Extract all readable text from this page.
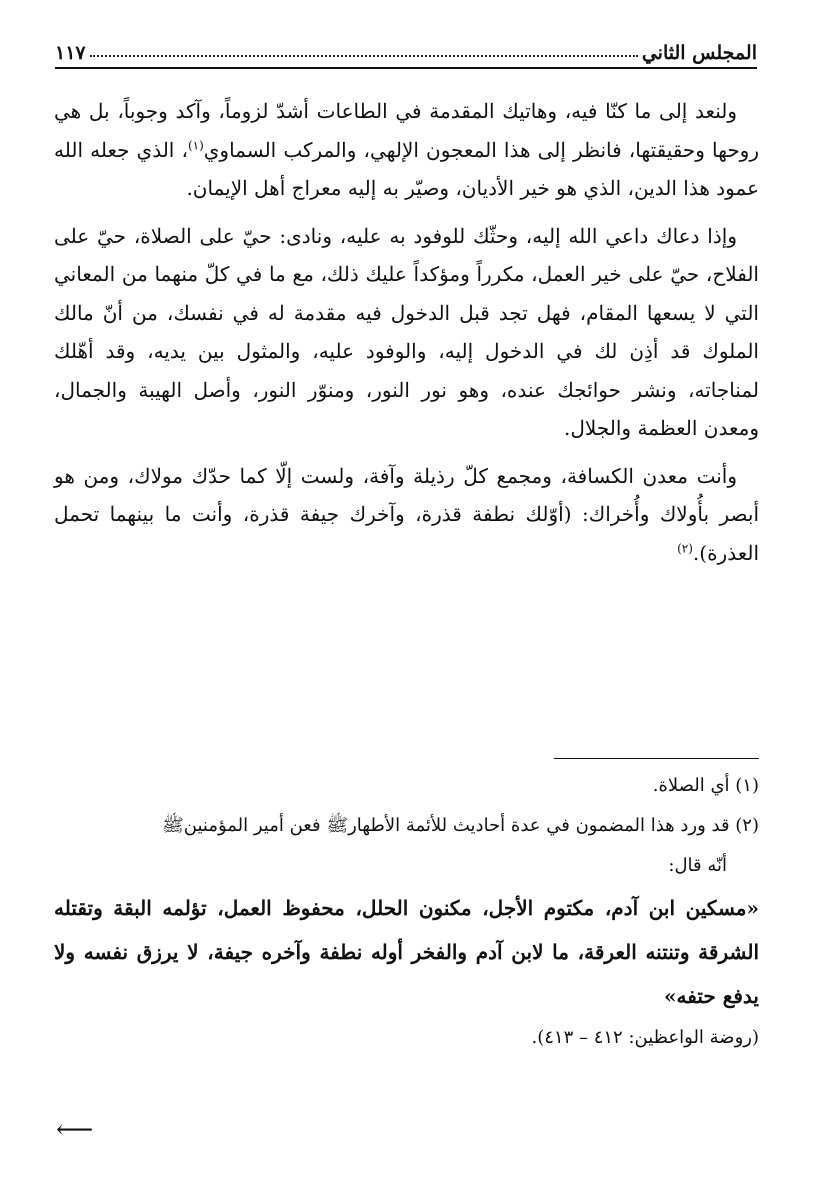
المجلس الثاني
١١٧

ولنعد إلى ما كنّا فيه، وهاتيك المقدمة في الطاعات أشدّ لزوماً، وآكد وجوباً، بل هي روحها وحقيقتها، فانظر إلى هذا المعجون الإلهي، والمركب السماوي$^{(١)}$، الذي جعله الله عمود هذا الدين، الذي هو خير الأديان، وصيّر به إليه معراج أهل الإيمان.

وإذا دعاك داعي الله إليه، وحثّك للوفود به عليه، ونادى: حيّ على الصلاة، حيّ على الفلاح، حيّ على خير العمل، مكرراً ومؤكداً عليك ذلك، مع ما في كلّ منهما من المعاني التي لا يسعها المقام، فهل تجد قبل الدخول فيه مقدمة له في نفسك، من أنّ مالك الملوك قد أذِن لك في الدخول إليه، والوفود عليه، والمثول بين يديه، وقد أهّلك لمناجاته، ونشر حوائجك عنده، وهو نور النور، ومنوّر النور، وأصل الهيبة والجمال، ومعدن العظمة والجلال.

وأنت معدن الكسافة، ومجمع كلّ رذيلة وآفة، ولست إلّا كما حدّك مولاك، ومن هو أبصر بأُولاك وأُخراك: (أوّلك نطفة قذرة، وآخرك جيفة قذرة، وأنت ما بينهما تحمل العذرة).$^{(٢)}$

(١) أي الصلاة.

(٢) قد ورد هذا المضمون في عدة أحاديث للأئمة الأطهارﷺ فعن أمير المؤمنينﷺ

أنّه قال:

«مسكين ابن آدم، مكتوم الأجل، مكنون الحلل، محفوظ العمل، تؤلمه البقة وتقتله الشرقة وتنتنه العرقة، ما لابن آدم والفخر أوله نطفة وآخره جيفة، لا يرزق نفسه ولا يدفع حتفه»

(روضة الواعظين: ٤١٢ – ٤١٣).

⟵
